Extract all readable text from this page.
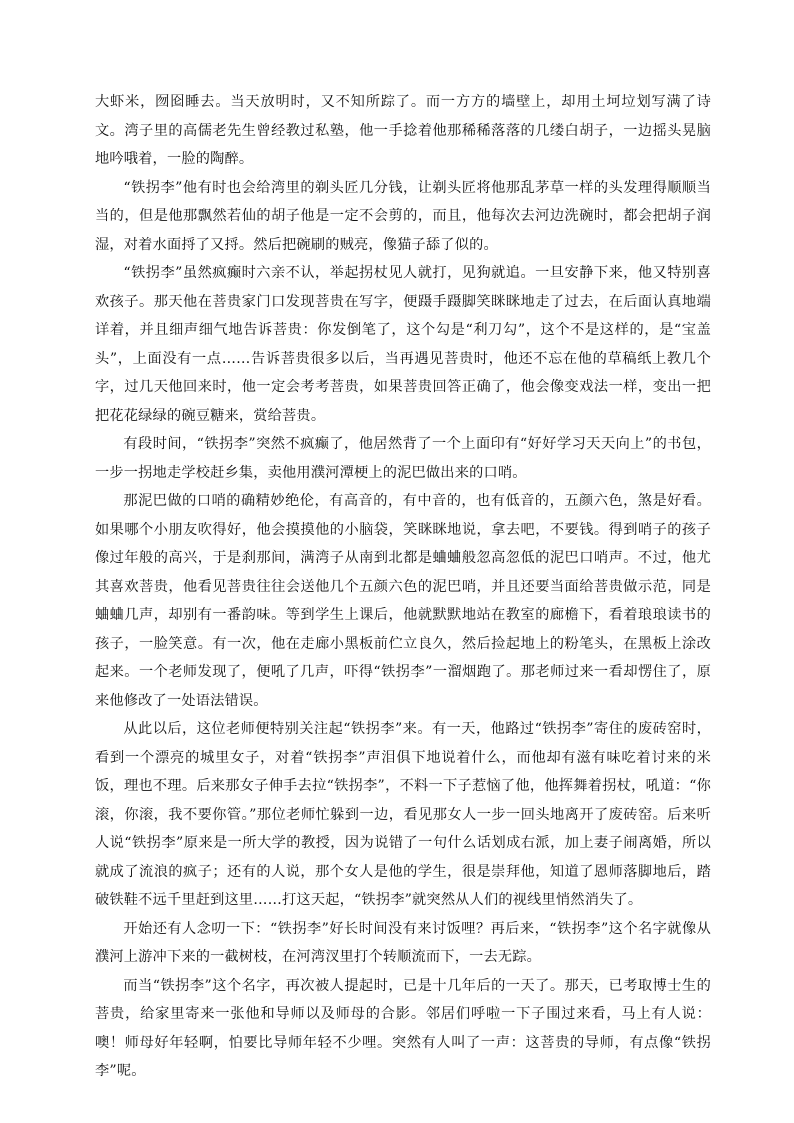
大虾米，囫囵睡去。当天放明时，又不知所踪了。而一方方的墙壁上，却用土坷垃划写满了诗文。湾子里的高儒老先生曾经教过私塾，他一手捻着他那稀稀落落的几缕白胡子，一边摇头晃脑地吟哦着，一脸的陶醉。

“铁拐李”他有时也会给湾里的剃头匠几分钱，让剃头匠将他那乱茅草一样的头发理得顺顺当当的，但是他那飘然若仙的胡子他是一定不会剪的，而且，他每次去河边洗碗时，都会把胡子润湿，对着水面捋了又捋。然后把碗刷的贼亮，像猫子舔了似的。

“铁拐李”虽然疯癫时六亲不认，举起拐杖见人就打，见狗就追。一旦安静下来，他又特别喜欢孩子。那天他在菩贵家门口发现菩贵在写字，便蹑手蹑脚笑眯眯地走了过去，在后面认真地端详着，并且细声细气地告诉菩贵：你发倒笔了，这个勾是“利刀勾”，这个不是这样的，是“宝盖头”，上面没有一点……告诉菩贵很多以后，当再遇见菩贵时，他还不忘在他的草稿纸上教几个字，过几天他回来时，他一定会考考菩贵，如果菩贵回答正确了，他会像变戏法一样，变出一把把花花绿绿的碗豆糖来，赏给菩贵。

有段时间，“铁拐李”突然不疯癫了，他居然背了一个上面印有“好好学习天天向上”的书包，一步一拐地走学校赶乡集，卖他用濮河潭梗上的泥巴做出来的口哨。

那泥巴做的口哨的确精妙绝伦，有高音的，有中音的，也有低音的，五颜六色，煞是好看。如果哪个小朋友吹得好，他会摸摸他的小脑袋，笑眯眯地说，拿去吧，不要钱。得到哨子的孩子像过年般的高兴，于是刹那间，满湾子从南到北都是蛐蛐般忽高忽低的泥巴口哨声。不过，他尤其喜欢菩贵，他看见菩贵往往会送他几个五颜六色的泥巴哨，并且还要当面给菩贵做示范，同是蛐蛐几声，却别有一番韵味。等到学生上课后，他就默默地站在教室的廊檐下，看着琅琅读书的孩子，一脸笑意。有一次，他在走廊小黑板前伫立良久，然后捡起地上的粉笔头，在黑板上涂改起来。一个老师发现了，便吼了几声，吓得“铁拐李”一溜烟跑了。那老师过来一看却愣住了，原来他修改了一处语法错误。

从此以后，这位老师便特别关注起“铁拐李”来。有一天，他路过“铁拐李”寄住的废砖窑时，看到一个漂亮的城里女子，对着“铁拐李”声泪俱下地说着什么，而他却有滋有味吃着讨来的米饭，理也不理。后来那女子伸手去拉“铁拐李”，不料一下子惹恼了他，他挥舞着拐杖，吼道：“你滚，你滚，我不要你管。”那位老师忙躲到一边，看见那女人一步一回头地离开了废砖窑。后来听人说“铁拐李”原来是一所大学的教授，因为说错了一句什么话划成右派，加上妻子闹离婚，所以就成了流浪的疯子；还有的人说，那个女人是他的学生，很是崇拜他，知道了恩师落脚地后，踏破铁鞋不远千里赶到这里……打这天起，“铁拐李”就突然从人们的视线里悄然消失了。

开始还有人念叨一下：“铁拐李”好长时间没有来讨饭哩？再后来，“铁拐李”这个名字就像从濮河上游冲下来的一截树枝，在河湾汊里打个转顺流而下，一去无踪。

而当“铁拐李”这个名字，再次被人提起时，已是十几年后的一天了。那天，已考取博士生的菩贵，给家里寄来一张他和导师以及师母的合影。邻居们呼啦一下子围过来看，马上有人说：噢！师母好年轻啊，怕要比导师年轻不少哩。突然有人叫了一声：这菩贵的导师，有点像“铁拐李”呢。
